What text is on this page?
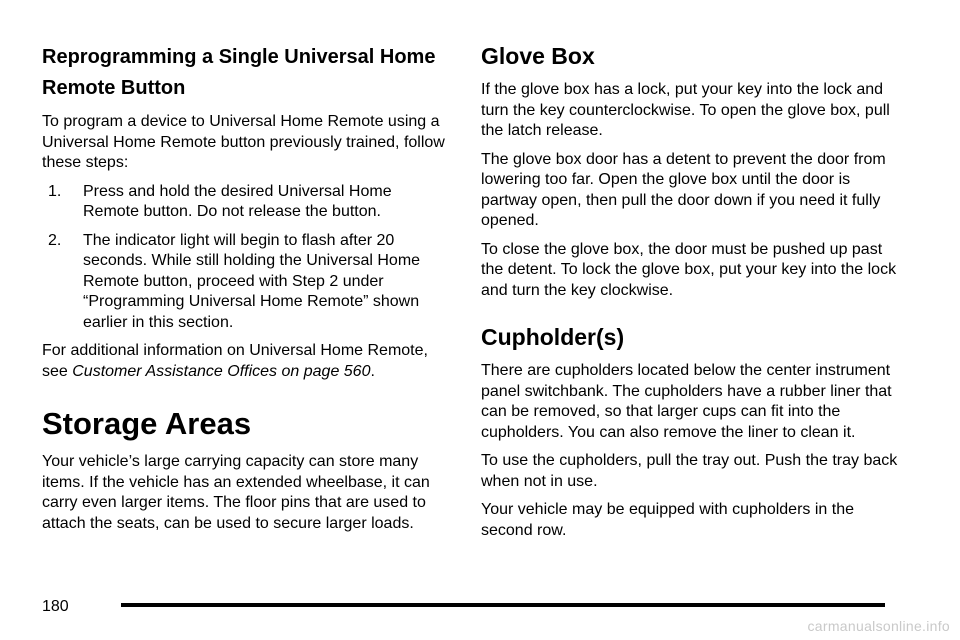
Reprogramming a Single Universal Home Remote Button

To program a device to Universal Home Remote using a Universal Home Remote button previously trained, follow these steps:

1. Press and hold the desired Universal Home Remote button. Do not release the button.
2. The indicator light will begin to flash after 20 seconds. While still holding the Universal Home Remote button, proceed with Step 2 under “Programming Universal Home Remote” shown earlier in this section.

For additional information on Universal Home Remote, see Customer Assistance Offices on page 560.

Storage Areas

Your vehicle’s large carrying capacity can store many items. If the vehicle has an extended wheelbase, it can carry even larger items. The floor pins that are used to attach the seats, can be used to secure larger loads.

Glove Box

If the glove box has a lock, put your key into the lock and turn the key counterclockwise. To open the glove box, pull the latch release.

The glove box door has a detent to prevent the door from lowering too far. Open the glove box until the door is partway open, then pull the door down if you need it fully opened.

To close the glove box, the door must be pushed up past the detent. To lock the glove box, put your key into the lock and turn the key clockwise.

Cupholder(s)

There are cupholders located below the center instrument panel switchbank. The cupholders have a rubber liner that can be removed, so that larger cups can fit into the cupholders. You can also remove the liner to clean it.

To use the cupholders, pull the tray out. Push the tray back when not in use.

Your vehicle may be equipped with cupholders in the second row.

180
carmanualsonline.info
